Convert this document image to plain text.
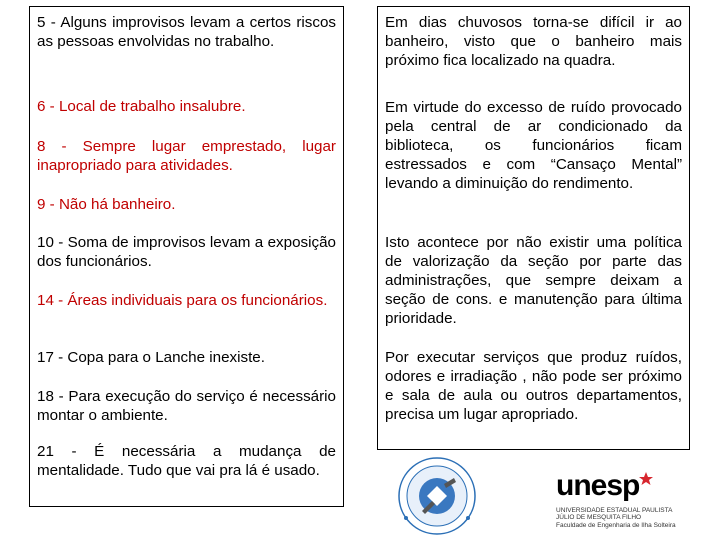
5 - Alguns improvisos levam a certos riscos as pessoas envolvidas no trabalho.
6 - Local de trabalho insalubre.
8 - Sempre lugar emprestado, lugar inapropriado para atividades.
9 - Não há banheiro.
10 - Soma de improvisos levam a exposição dos funcionários.
14 - Áreas individuais para os funcionários.
17 - Copa para o Lanche inexiste.
18 - Para execução do serviço é necessário montar o ambiente.
21 - É necessária a mudança de mentalidade. Tudo que vai pra lá é usado.
Em dias chuvosos torna-se difícil ir ao banheiro, visto que o banheiro mais próximo fica localizado na quadra.
Em virtude do excesso de ruído provocado pela central de ar condicionado da biblioteca, os funcionários ficam estressados e com “Cansaço Mental” levando a diminuição do rendimento.
Isto acontece por não existir uma política de valorização da seção por parte das administrações, que sempre deixam a seção de cons. e manutenção para última prioridade.
Por executar serviços que produz ruídos, odores e irradiação , não pode ser próximo e sala de aula ou outros departamentos, precisa um lugar apropriado.
unesp
UNIVERSIDADE ESTADUAL PAULISTA
JÚLIO DE MESQUITA FILHO
Faculdade de Engenharia de Ilha Solteira
